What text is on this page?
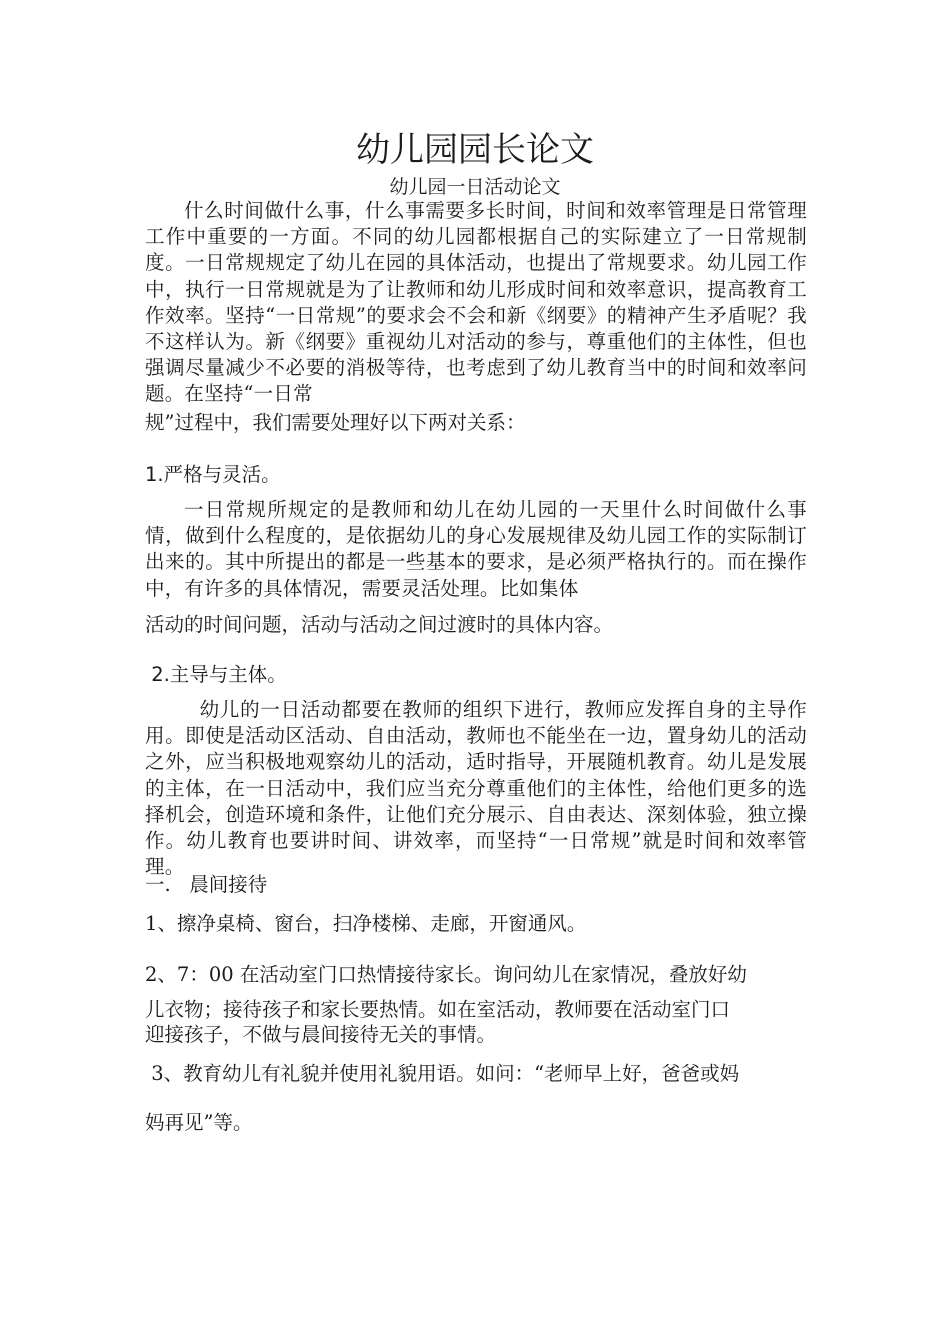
幼儿园园长论文
幼儿园一日活动论文
什么时间做什么事，什么事需要多长时间，时间和效率管理是日常管理工作中重要的一方面。不同的幼儿园都根据自己的实际建立了一日常规制度。一日常规规定了幼儿在园的具体活动，也提出了常规要求。幼儿园工作中，执行一日常规就是为了让教师和幼儿形成时间和效率意识，提高教育工作效率。坚持“一日常规”的要求会不会和新《纲要》的精神产生矛盾呢？我不这样认为。新《纲要》重视幼儿对活动的参与，尊重他们的主体性，但也强调尽量减少不必要的消极等待，也考虑到了幼儿教育当中的时间和效率问题。在坚持“一日常
规”过程中，我们需要处理好以下两对关系：
1.严格与灵活。
一日常规所规定的是教师和幼儿在幼儿园的一天里什么时间做什么事情，做到什么程度的，是依据幼儿的身心发展规律及幼儿园工作的实际制订出来的。其中所提出的都是一些基本的要求，是必须严格执行的。而在操作中，有许多的具体情况，需要灵活处理。比如集体
活动的时间问题，活动与活动之间过渡时的具体内容。
2.主导与主体。
幼儿的一日活动都要在教师的组织下进行，教师应发挥自身的主导作用。即使是活动区活动、自由活动，教师也不能坐在一边，置身幼儿的活动之外，应当积极地观察幼儿的活动，适时指导，开展随机教育。幼儿是发展的主体，在一日活动中，我们应当充分尊重他们的主体性，给他们更多的选择机会，创造环境和条件，让他们充分展示、自由表达、深刻体验，独立操作。幼儿教育也要讲时间、讲效率，而坚持“一日常规”就是时间和效率管理。
一.   晨间接待
1、擦净桌椅、窗台，扫净楼梯、走廊，开窗通风。
2、7：00 在活动室门口热情接待家长。询问幼儿在家情况，叠放好幼
儿衣物；接待孩子和家长要热情。如在室活动，教师要在活动室门口
迎接孩子，不做与晨间接待无关的事情。
3、教育幼儿有礼貌并使用礼貌用语。如问：“老师早上好，爸爸或妈
妈再见”等。
